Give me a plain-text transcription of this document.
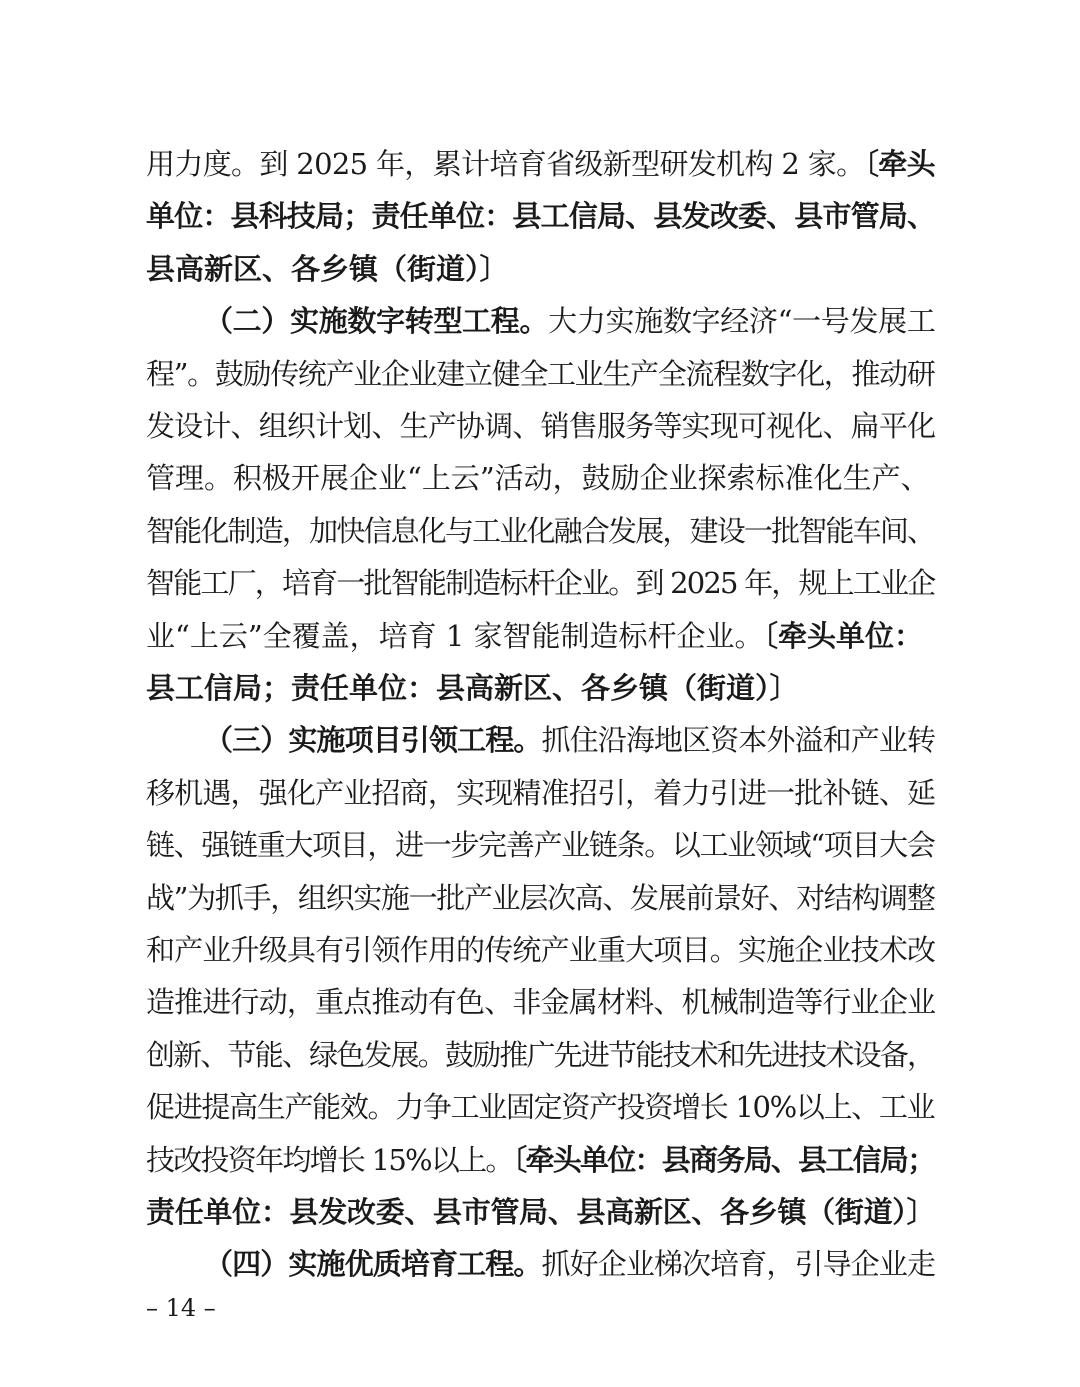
用力度。到 2025 年，累计培育省级新型研发机构 2 家。〔牵头
单位：县科技局；责任单位：县工信局、县发改委、县市管局、
县高新区、各乡镇（街道）〕
（二）实施数字转型工程。大力实施数字经济“一号发展工
程”。鼓励传统产业企业建立健全工业生产全流程数字化，推动研
发设计、组织计划、生产协调、销售服务等实现可视化、扁平化
管理。积极开展企业“上云”活动，鼓励企业探索标准化生产、
智能化制造，加快信息化与工业化融合发展，建设一批智能车间、
智能工厂，培育一批智能制造标杆企业。到 2025 年，规上工业企
业“上云”全覆盖，培育 1 家智能制造标杆企业。〔牵头单位：
县工信局；责任单位：县高新区、各乡镇（街道）〕
（三）实施项目引领工程。抓住沿海地区资本外溢和产业转
移机遇，强化产业招商，实现精准招引，着力引进一批补链、延
链、强链重大项目，进一步完善产业链条。以工业领域“项目大会
战”为抓手，组织实施一批产业层次高、发展前景好、对结构调整
和产业升级具有引领作用的传统产业重大项目。实施企业技术改
造推进行动，重点推动有色、非金属材料、机械制造等行业企业
创新、节能、绿色发展。鼓励推广先进节能技术和先进技术设备，
促进提高生产能效。力争工业固定资产投资增长 10%以上、工业
技改投资年均增长 15%以上。〔牵头单位：县商务局、县工信局；
责任单位：县发改委、县市管局、县高新区、各乡镇（街道）〕
（四）实施优质培育工程。抓好企业梯次培育，引导企业走
– 14 –
